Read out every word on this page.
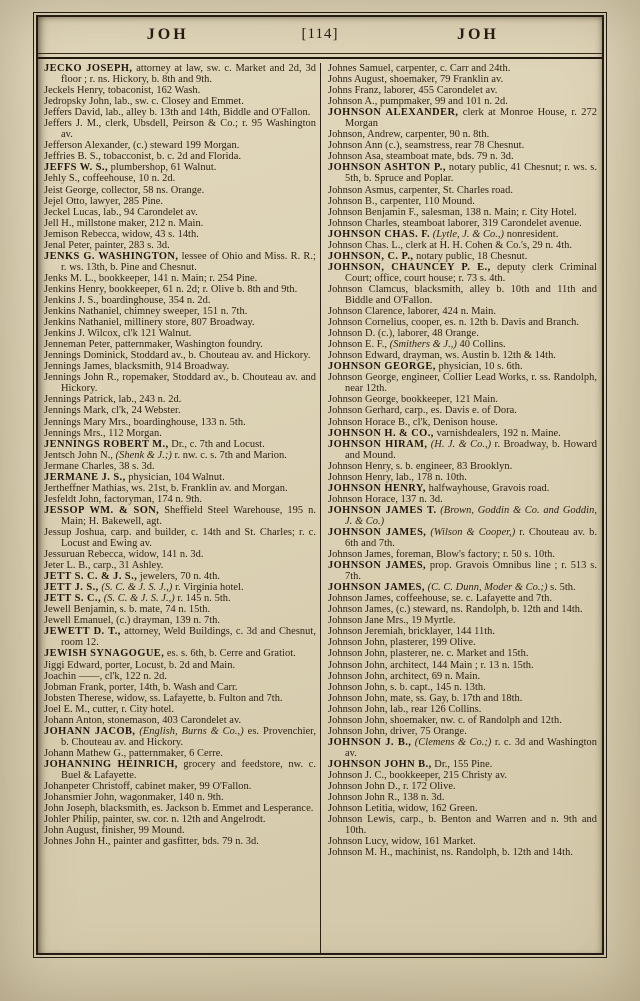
JOH	[114]	JOH

JECKO JOSEPH, attorney at law, sw. c. Market and 2d, 3d floor ; r. ns. Hickory, b. 8th and 9th.

Jeckels Henry, tobaconist, 162 Wash.

Jedropsky John, lab., sw. c. Closey and Emmet.

Jeffers David, lab., alley b. 13th and 14th, Biddle and O'Fallon.

Jeffers J. M., clerk, Ubsdell, Peirson & Co.; r. 95 Washington av.

Jefferson Alexander, (c.) steward 199 Morgan.

Jeffries B. S., tobacconist, b. c. 2d and Florida.

JEFFS W. S., plumbershop, 61 Walnut.

Jehly S., coffeehouse, 10 n. 2d.

Jeist George, collector, 58 ns. Orange.

Jejel Otto, lawyer, 285 Pine.

Jeckel Lucas, lab., 94 Carondelet av.

Jell H., millstone maker, 212 n. Main.

Jemison Rebecca, widow, 43 s. 14th.

Jenal Peter, painter, 283 s. 3d.

JENKS G. WASHINGTON, lessee of Ohio and Miss. R. R.; r. ws. 13th, b. Pine and Chesnut.

Jenks M. L., bookkeeper, 141 n. Main; r. 254 Pine.

Jenkins Henry, bookkeeper, 61 n. 2d; r. Olive b. 8th and 9th.

Jenkins J. S., boardinghouse, 354 n. 2d.

Jenkins Nathaniel, chimney sweeper, 151 n. 7th.

Jenkins Nathaniel, millinery store, 807 Broadway.

Jenkins J. Wilcox, cl'k 121 Walnut.

Jenneman Peter, patternmaker, Washington foundry.

Jennings Dominick, Stoddard av., b. Chouteau av. and Hickory.

Jennings James, blacksmith, 914 Broadway.

Jennings John R., ropemaker, Stoddard av., b. Chouteau av. and Hickory.

Jennings Patrick, lab., 243 n. 2d.

Jennings Mark, cl'k, 24 Webster.

Jennings Mary Mrs., boardinghouse, 133 n. 5th.

Jennings Mrs., 112 Morgan.

JENNINGS ROBERT M., Dr., c. 7th and Locust.

Jentsch John N., (Shenk & J.;) r. nw. c. s. 7th and Marion.

Jermane Charles, 38 s. 3d.

JERMANE J. S., physician, 104 Walnut.

Jertheffner Mathias, ws. 21st, b. Franklin av. and Morgan.

Jesfeldt John, factoryman, 174 n. 9th.

JESSOP WM. & SON, Sheffield Steel Warehouse, 195 n. Main; H. Bakewell, agt.

Jessup Joshua, carp. and builder, c. 14th and St. Charles; r. c. Locust and Ewing av.

Jessuruan Rebecca, widow, 141 n. 3d.

Jeter L. B., carp., 31 Ashley.

JETT S. C. & J. S., jewelers, 70 n. 4th.

JETT J. S., (S. C. & J. S. J.,) r. Virginia hotel.

JETT S. C., (S. C. & J. S. J.,) r. 145 n. 5th.

Jewell Benjamin, s. b. mate, 74 n. 15th.

Jewell Emanuel, (c.) drayman, 139 n. 7th.

JEWETT D. T., attorney, Weld Buildings, c. 3d and Chesnut, room 12.

JEWISH SYNAGOGUE, es. s. 6th, b. Cerre and Gratiot.

Jiggi Edward, porter, Locust, b. 2d and Main.

Joachin ——, cl'k, 122 n. 2d.

Jobman Frank, porter, 14th, b. Wash and Carr.

Jobsten Therese, widow, ss. Lafayette, b. Fulton and 7th.

Joel E. M., cutter, r. City hotel.

Johann Anton, stonemason, 403 Carondelet av.

JOHANN JACOB, (English, Burns & Co.,) es. Provenchier, b. Chouteau av. and Hickory.

Johann Mathew G., patternmaker, 6 Cerre.

JOHANNING HEINRICH, grocery and feedstore, nw. c. Buel & Lafayette.

Johanpeter Christoff, cabinet maker, 99 O'Fallon.

Johansmier John, wagonmaker, 140 n. 9th.

John Joseph, blacksmith, es. Jackson b. Emmet and Lesperance.

Johler Philip, painter, sw. cor. n. 12th and Angelrodt.

John August, finisher, 99 Mound.

Johnes John H., painter and gasfitter, bds. 79 n. 3d.

Johnes Samuel, carpenter, c. Carr and 24th.

Johns August, shoemaker, 79 Franklin av.

Johns Franz, laborer, 455 Carondelet av.

Johnson A., pumpmaker, 99 and 101 n. 2d.

JOHNSON ALEXANDER, clerk at Monroe House, r. 272 Morgan

Johnson, Andrew, carpenter, 90 n. 8th.

Johnson Ann (c.), seamstress, rear 78 Chesnut.

Johnson Asa, steamboat mate, bds. 79 n. 3d.

JOHNSON ASHTON P., notary public, 41 Chesnut; r. ws. s. 5th, b. Spruce and Poplar.

Johnson Asmus, carpenter, St. Charles road.

Johnson B., carpenter, 110 Mound.

Johnson Benjamin F., salesman, 138 n. Main; r. City Hotel.

Johnson Charles, steamboat laborer, 319 Carondelet avenue.

JOHNSON CHAS. F. (Lytle, J. & Co.,) nonresident.

Johnson Chas. L., clerk at H. H. Cohen & Co.'s, 29 n. 4th.

JOHNSON, C. P., notary public, 18 Chesnut.

JOHNSON, CHAUNCEY P. E., deputy clerk Criminal Court; office, court house; r. 73 s. 4th.

Johnson Clamcus, blacksmith, alley b. 10th and 11th and Biddle and O'Fallon.

Johnson Clarence, laborer, 424 n. Main.

Johnson Cornelius, cooper, es. n. 12th b. Davis and Branch.

Johnson D. (c.), laborer, 48 Orange.

Johnson E. F., (Smithers & J.,) 40 Collins.

Johnson Edward, drayman, ws. Austin b. 12th & 14th.

JOHNSON GEORGE, physician, 10 s. 6th.

Johnson George, engineer, Collier Lead Works, r. ss. Randolph, near 12th.

Johnson George, bookkeeper, 121 Main.

Johnson Gerhard, carp., es. Davis e. of Dora.

Johnson Horace B., cl'k, Denison house.

JOHNSON H. & CO., varnishdealers, 192 n. Maine.

JOHNSON HIRAM, (H. J. & Co.,) r. Broadway, b. Howard and Mound.

Johnson Henry, s. b. engineer, 83 Brooklyn.

Johnson Henry, lab., 178 n. 10th.

JOHNSON HENRY, halfwayhouse, Gravois road.

Johnson Horace, 137 n. 3d.

JOHNSON JAMES T. (Brown, Goddin & Co. and Goddin, J. & Co.)

JOHNSON JAMES, (Wilson & Cooper,) r. Chouteau av. b. 6th and 7th.

Johnson James, foreman, Blow's factory; r. 50 s. 10th.

JOHNSON JAMES, prop. Gravois Omnibus line ; r. 513 s. 7th.

JOHNSON JAMES, (C. C. Dunn, Moder & Co.;) s. 5th.

Johnson James, coffeehouse, se. c. Lafayette and 7th.

Johnson James, (c.) steward, ns. Randolph, b. 12th and 14th.

Johnson Jane Mrs., 19 Myrtle.

Johnson Jeremiah, bricklayer, 144 11th.

Johnson John, plasterer, 199 Olive.

Johnson John, plasterer, ne. c. Market and 15th.

Johnson John, architect, 144 Main ; r. 13 n. 15th.

Johnson John, architect, 69 n. Main.

Johnson John, s. b. capt., 145 n. 13th.

Johnson John, mate, ss. Gay, b. 17th and 18th.

Johnson John, lab., rear 126 Collins.

Johnson John, shoemaker, nw. c. of Randolph and 12th.

Johnson John, driver, 75 Orange.

JOHNSON J. B., (Clemens & Co.;) r. c. 3d and Washington av.

JOHNSON JOHN B., Dr., 155 Pine.

Johnson J. C., bookkeeper, 215 Christy av.

Johnson John D., r. 172 Olive.

Johnson John R., 138 n. 3d.

Johnson Letitia, widow, 162 Green.

Johnson Lewis, carp., b. Benton and Warren and n. 9th and 10th.

Johnson Lucy, widow, 161 Market.

Johnson M. H., machinist, ns. Randolph, b. 12th and 14th.
